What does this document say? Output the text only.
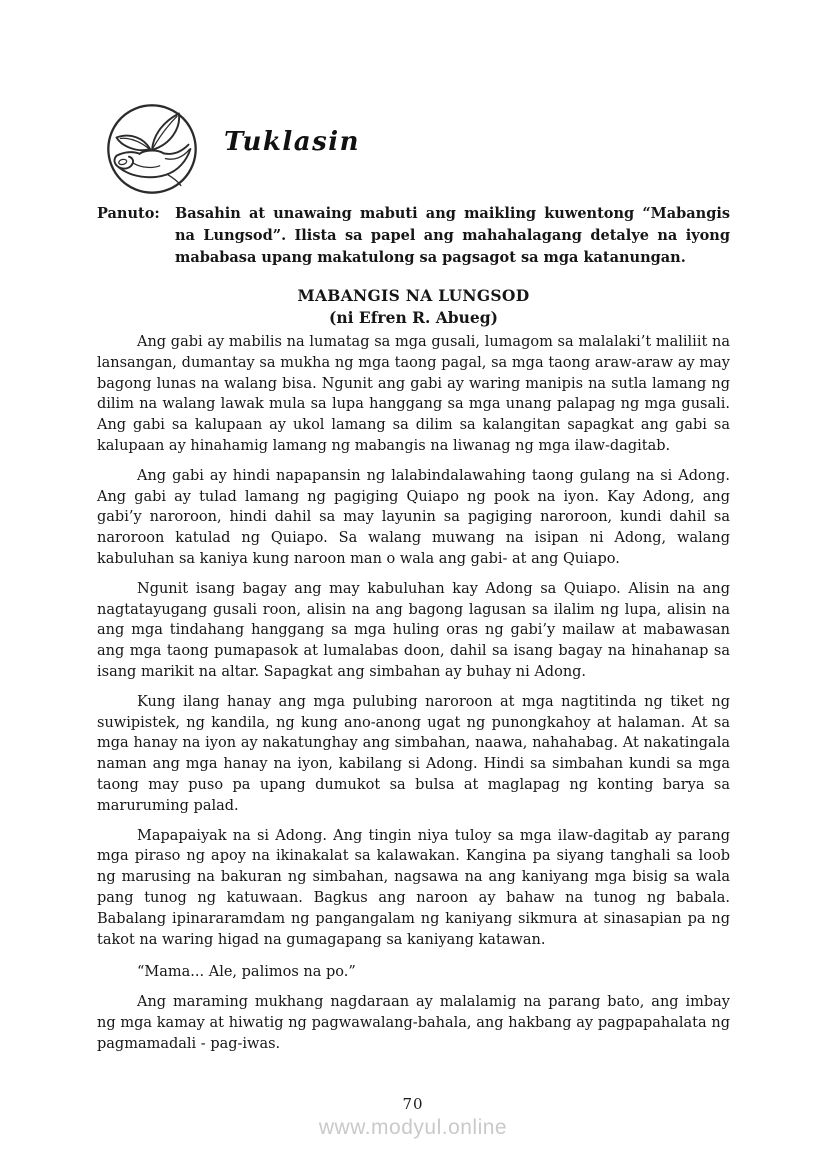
Tuklasin
Panuto:	Basahin at unawaing mabuti ang maikling kuwentong “Mabangis na Lungsod”. Ilista sa papel ang mahahalagang detalye na iyong mababasa upang makatulong sa pagsagot sa mga katanungan.

MABANGIS NA LUNGSOD
(ni Efren R. Abueg)

Ang gabi ay mabilis na lumatag sa mga gusali, lumagom sa malalaki’t maliliit na lansangan, dumantay sa mukha ng mga taong pagal, sa mga taong araw-araw ay may bagong lunas na walang bisa. Ngunit ang gabi ay waring manipis na sutla lamang ng dilim na walang lawak mula sa lupa hanggang sa mga unang palapag ng mga gusali. Ang gabi sa kalupaan ay ukol lamang sa dilim sa kalangitan sapagkat ang gabi sa kalupaan ay hinahamig lamang ng mabangis na liwanag ng mga ilaw-dagitab.

Ang gabi ay hindi napapansin ng lalabindalawahing taong gulang na si Adong. Ang gabi ay tulad lamang ng pagiging Quiapo ng pook na iyon. Kay Adong, ang gabi’y naroroon, hindi dahil sa may layunin sa pagiging naroroon, kundi dahil sa naroroon katulad ng Quiapo. Sa walang muwang na isipan ni Adong, walang kabuluhan sa kaniya kung naroon man o wala ang gabi- at ang Quiapo.

Ngunit isang bagay ang may kabuluhan kay Adong sa Quiapo. Alisin na ang nagtatayugang gusali roon, alisin na ang bagong lagusan sa ilalim ng lupa, alisin na ang mga tindahang hanggang sa mga huling oras ng gabi’y mailaw at mabawasan ang mga taong pumapasok at lumalabas doon, dahil sa isang bagay na hinahanap sa isang marikit na altar. Sapagkat ang simbahan ay buhay ni Adong.

Kung ilang hanay ang mga pulubing naroroon at mga nagtitinda ng tiket ng suwipistek, ng kandila, ng kung ano-anong ugat ng punongkahoy at halaman. At sa mga hanay na iyon ay nakatunghay ang simbahan, naawa, nahahabag. At nakatingala naman ang mga hanay na iyon, kabilang si Adong. Hindi sa simbahan kundi sa mga taong may puso pa upang dumukot sa bulsa at maglapag ng konting barya sa maruruming palad.

Mapapaiyak na si Adong. Ang tingin niya tuloy sa mga ilaw-dagitab ay parang mga piraso ng apoy na ikinakalat sa kalawakan. Kangina pa siyang tanghali sa loob ng marusing na bakuran ng simbahan, nagsawa na ang kaniyang mga bisig sa wala pang tunog ng katuwaan. Bagkus ang naroon ay bahaw na tunog ng babala. Babalang ipinararamdam ng pangangalam ng kaniyang sikmura at sinasapian pa ng takot na waring higad na gumagapang sa kaniyang katawan.

“Mama... Ale, palimos na po.”

Ang maraming mukhang nagdaraan ay malalamig na parang bato, ang imbay ng mga kamay at hiwatig ng pagwawalang-bahala, ang hakbang ay pagpapahalata ng pagmamadali - pag-iwas.

70
www.modyul.online
